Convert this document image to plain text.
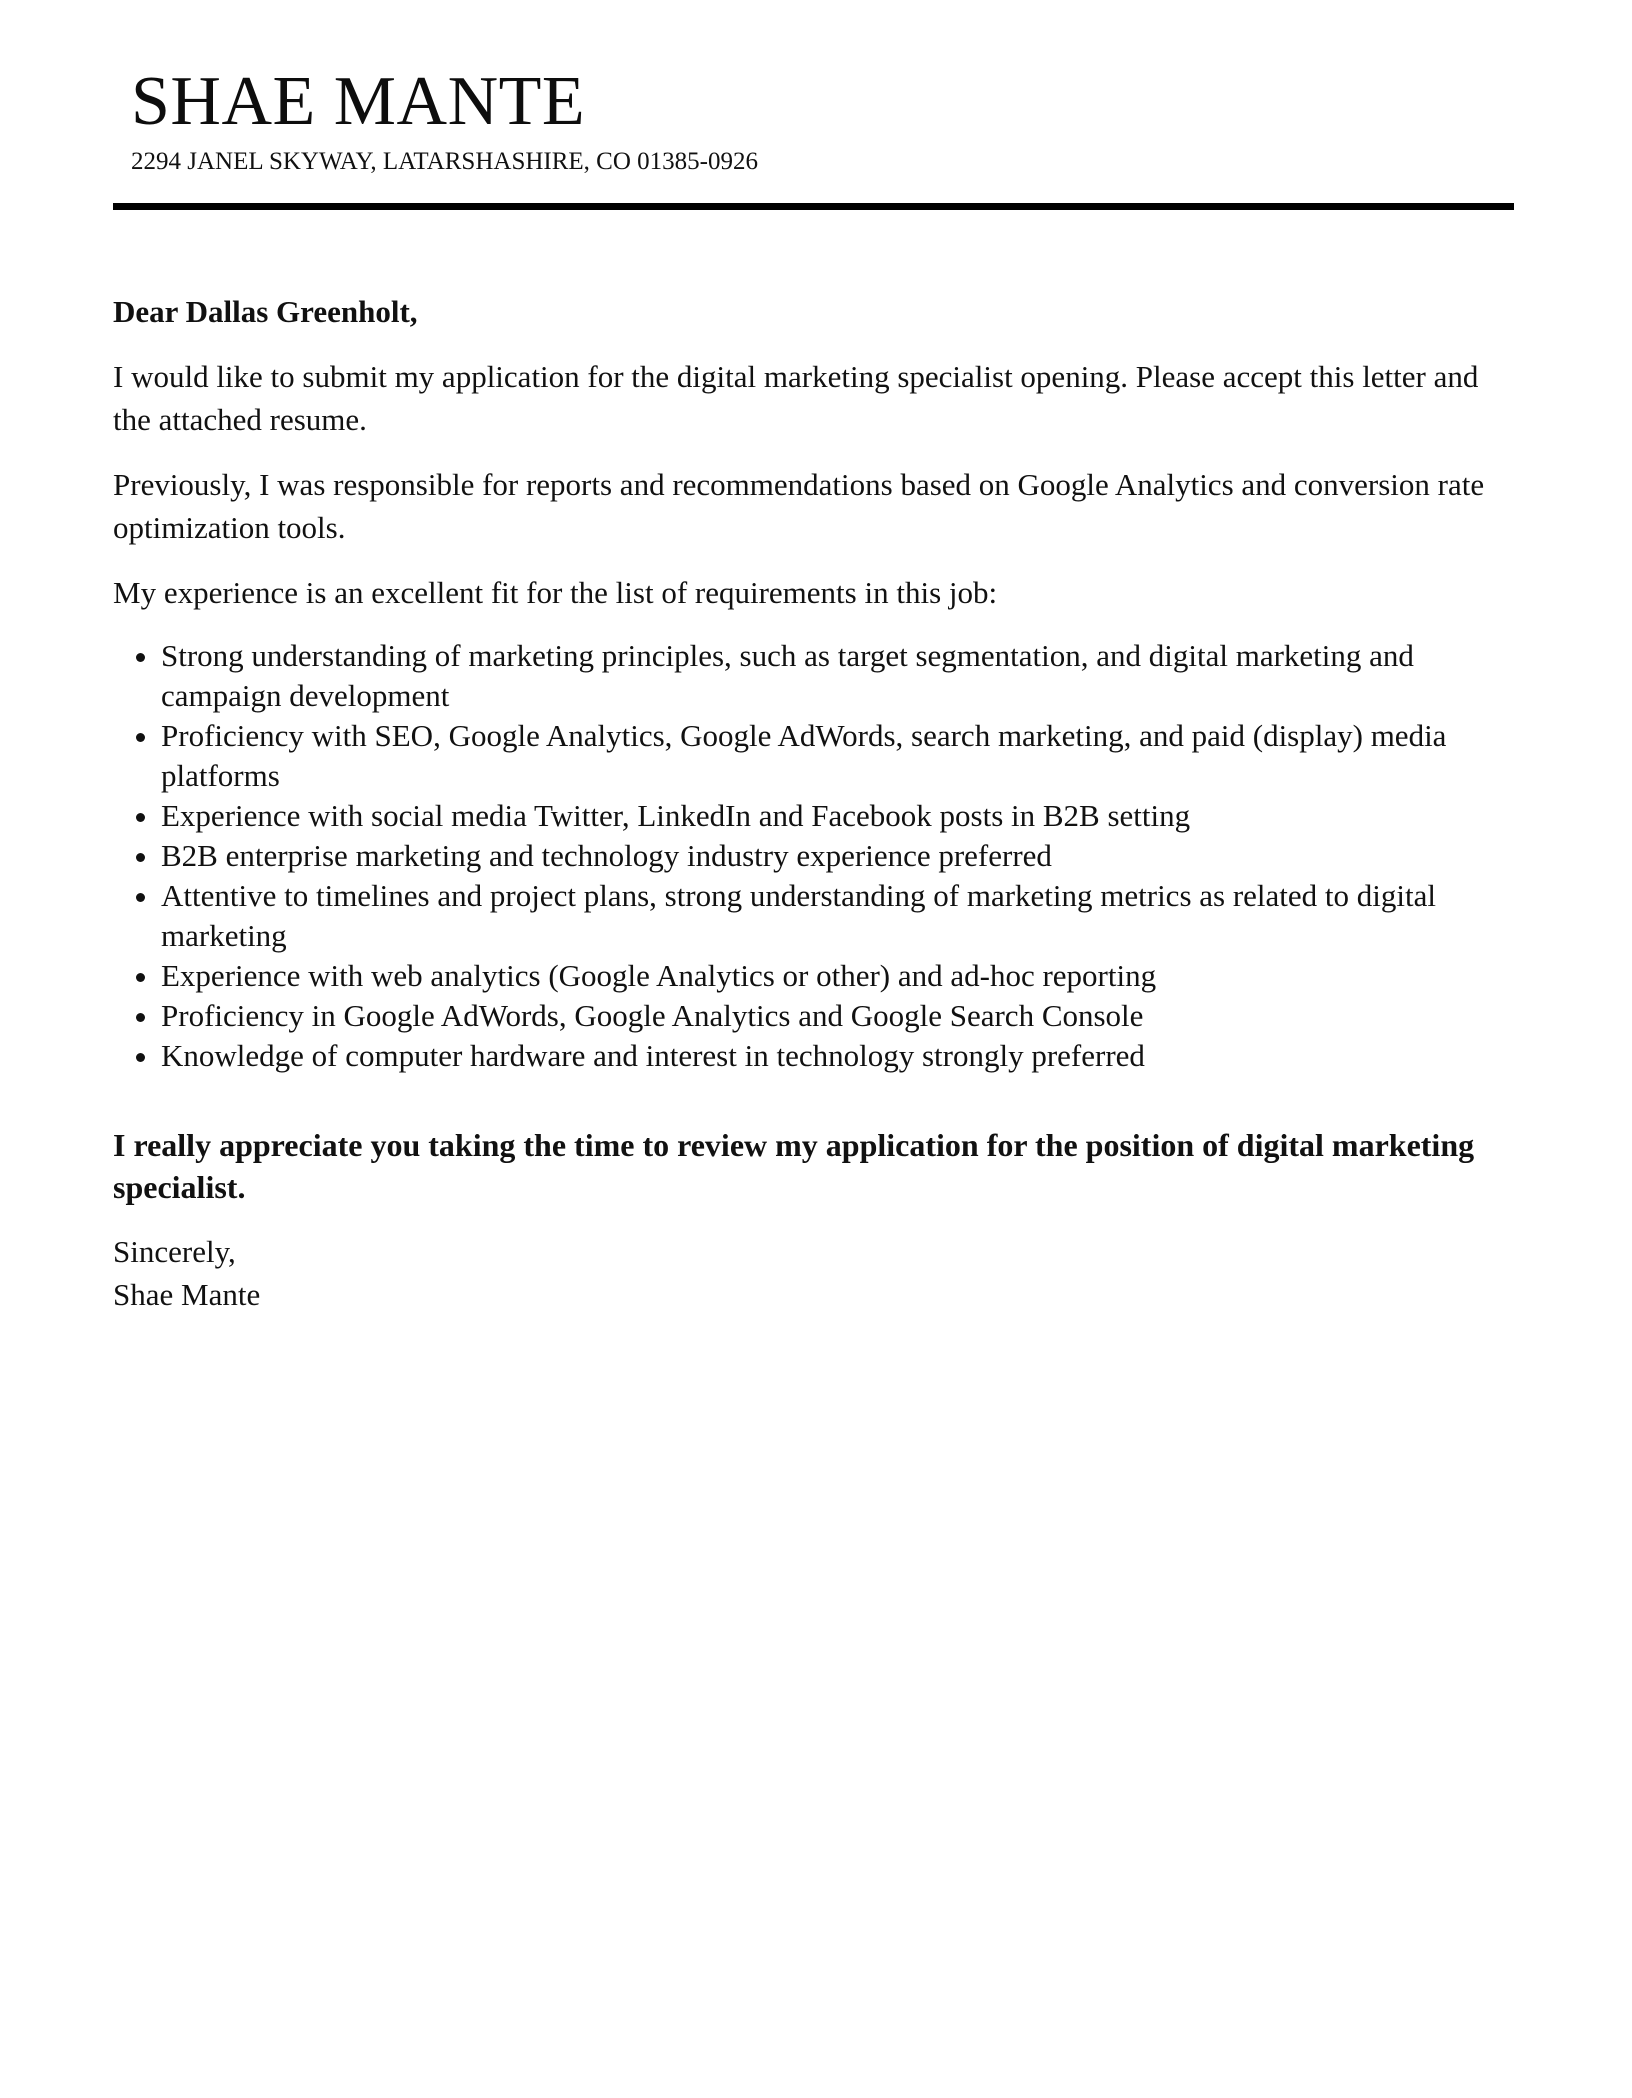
SHAE MANTE
2294 JANEL SKYWAY, LATARSHASHIRE, CO 01385-0926

Dear Dallas Greenholt,

I would like to submit my application for the digital marketing specialist opening. Please accept this letter and the attached resume.

Previously, I was responsible for reports and recommendations based on Google Analytics and conversion rate optimization tools.

My experience is an excellent fit for the list of requirements in this job:

• Strong understanding of marketing principles, such as target segmentation, and digital marketing and campaign development
• Proficiency with SEO, Google Analytics, Google AdWords, search marketing, and paid (display) media platforms
• Experience with social media Twitter, LinkedIn and Facebook posts in B2B setting
• B2B enterprise marketing and technology industry experience preferred
• Attentive to timelines and project plans, strong understanding of marketing metrics as related to digital marketing
• Experience with web analytics (Google Analytics or other) and ad-hoc reporting
• Proficiency in Google AdWords, Google Analytics and Google Search Console
• Knowledge of computer hardware and interest in technology strongly preferred

I really appreciate you taking the time to review my application for the position of digital marketing specialist.

Sincerely,

Shae Mante
